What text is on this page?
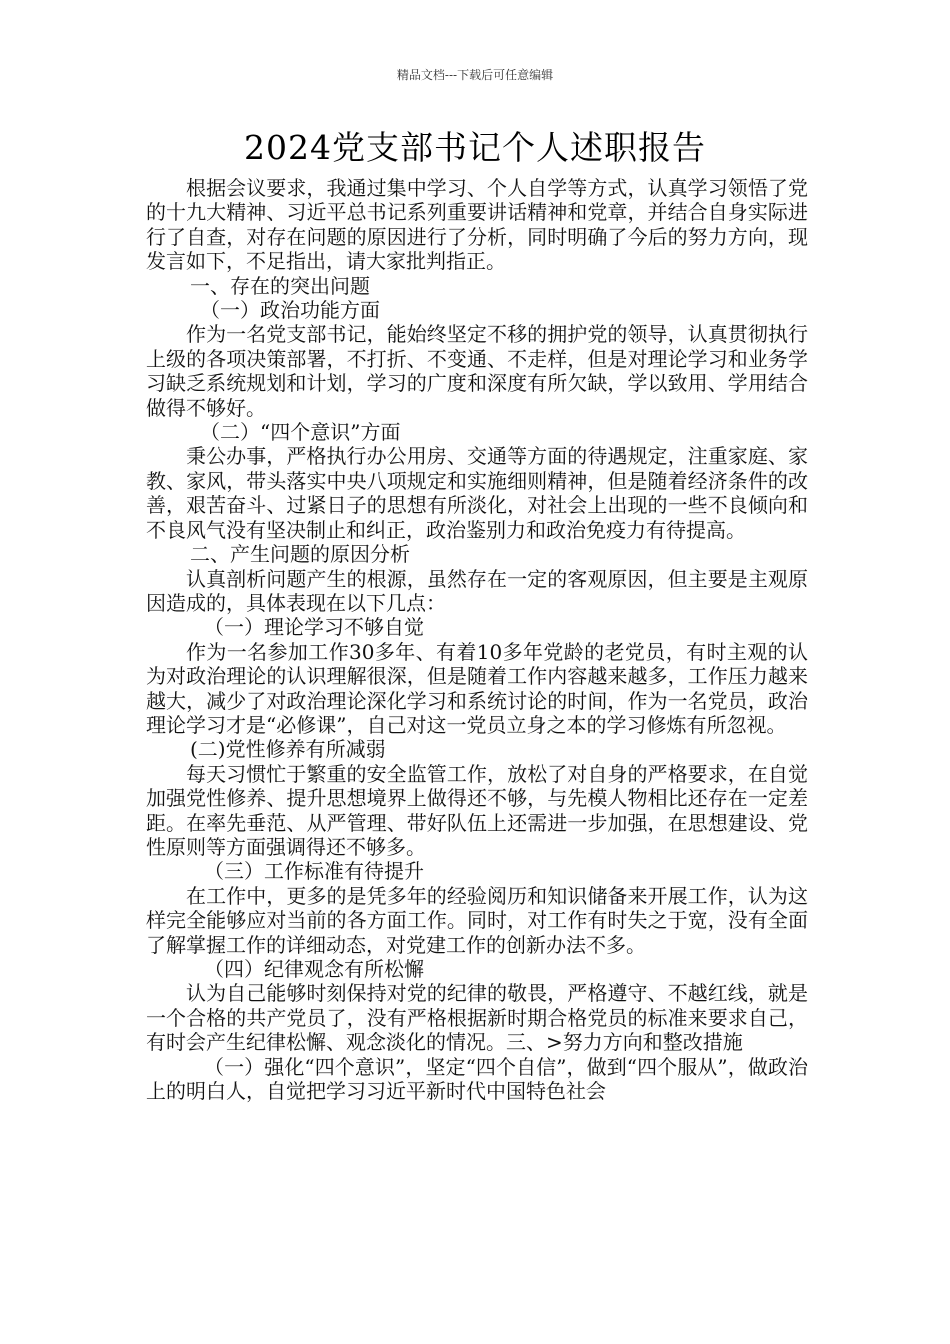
精品文档---下载后可任意编辑
2024党支部书记个人述职报告

根据会议要求，我通过集中学习、个人自学等方式，认真学习领悟了党的十九大精神、习近平总书记系列重要讲话精神和党章，并结合自身实际进行了自查，对存在问题的原因进行了分析，同时明确了今后的努力方向，现发言如下，不足指出，请大家批判指正。

一、存在的突出问题

（一）政治功能方面

作为一名党支部书记，能始终坚定不移的拥护党的领导，认真贯彻执行上级的各项决策部署，不打折、不变通、不走样，但是对理论学习和业务学习缺乏系统规划和计划，学习的广度和深度有所欠缺，学以致用、学用结合做得不够好。

（二）“四个意识”方面

秉公办事，严格执行办公用房、交通等方面的待遇规定，注重家庭、家教、家风，带头落实中央八项规定和实施细则精神，但是随着经济条件的改善，艰苦奋斗、过紧日子的思想有所淡化，对社会上出现的一些不良倾向和不良风气没有坚决制止和纠正，政治鉴别力和政治免疫力有待提高。

二、产生问题的原因分析

认真剖析问题产生的根源，虽然存在一定的客观原因，但主要是主观原因造成的，具体表现在以下几点：

（一）理论学习不够自觉

作为一名参加工作30多年、有着10多年党龄的老党员，有时主观的认为对政治理论的认识理解很深，但是随着工作内容越来越多，工作压力越来越大，减少了对政治理论深化学习和系统讨论的时间，作为一名党员，政治理论学习才是“必修课”，自己对这一党员立身之本的学习修炼有所忽视。

(二)党性修养有所减弱

每天习惯忙于繁重的安全监管工作，放松了对自身的严格要求，在自觉加强党性修养、提升思想境界上做得还不够，与先模人物相比还存在一定差距。在率先垂范、从严管理、带好队伍上还需进一步加强，在思想建设、党性原则等方面强调得还不够多。

（三）工作标准有待提升

在工作中，更多的是凭多年的经验阅历和知识储备来开展工作，认为这样完全能够应对当前的各方面工作。同时，对工作有时失之于宽，没有全面了解掌握工作的详细动态，对党建工作的创新办法不多。

（四）纪律观念有所松懈

认为自己能够时刻保持对党的纪律的敬畏，严格遵守、不越红线，就是一个合格的共产党员了，没有严格根据新时期合格党员的标准来要求自己，有时会产生纪律松懈、观念淡化的情况。三、>努力方向和整改措施

（一）强化“四个意识”，坚定“四个自信”，做到“四个服从”，做政治上的明白人，自觉把学习习近平新时代中国特色社会
